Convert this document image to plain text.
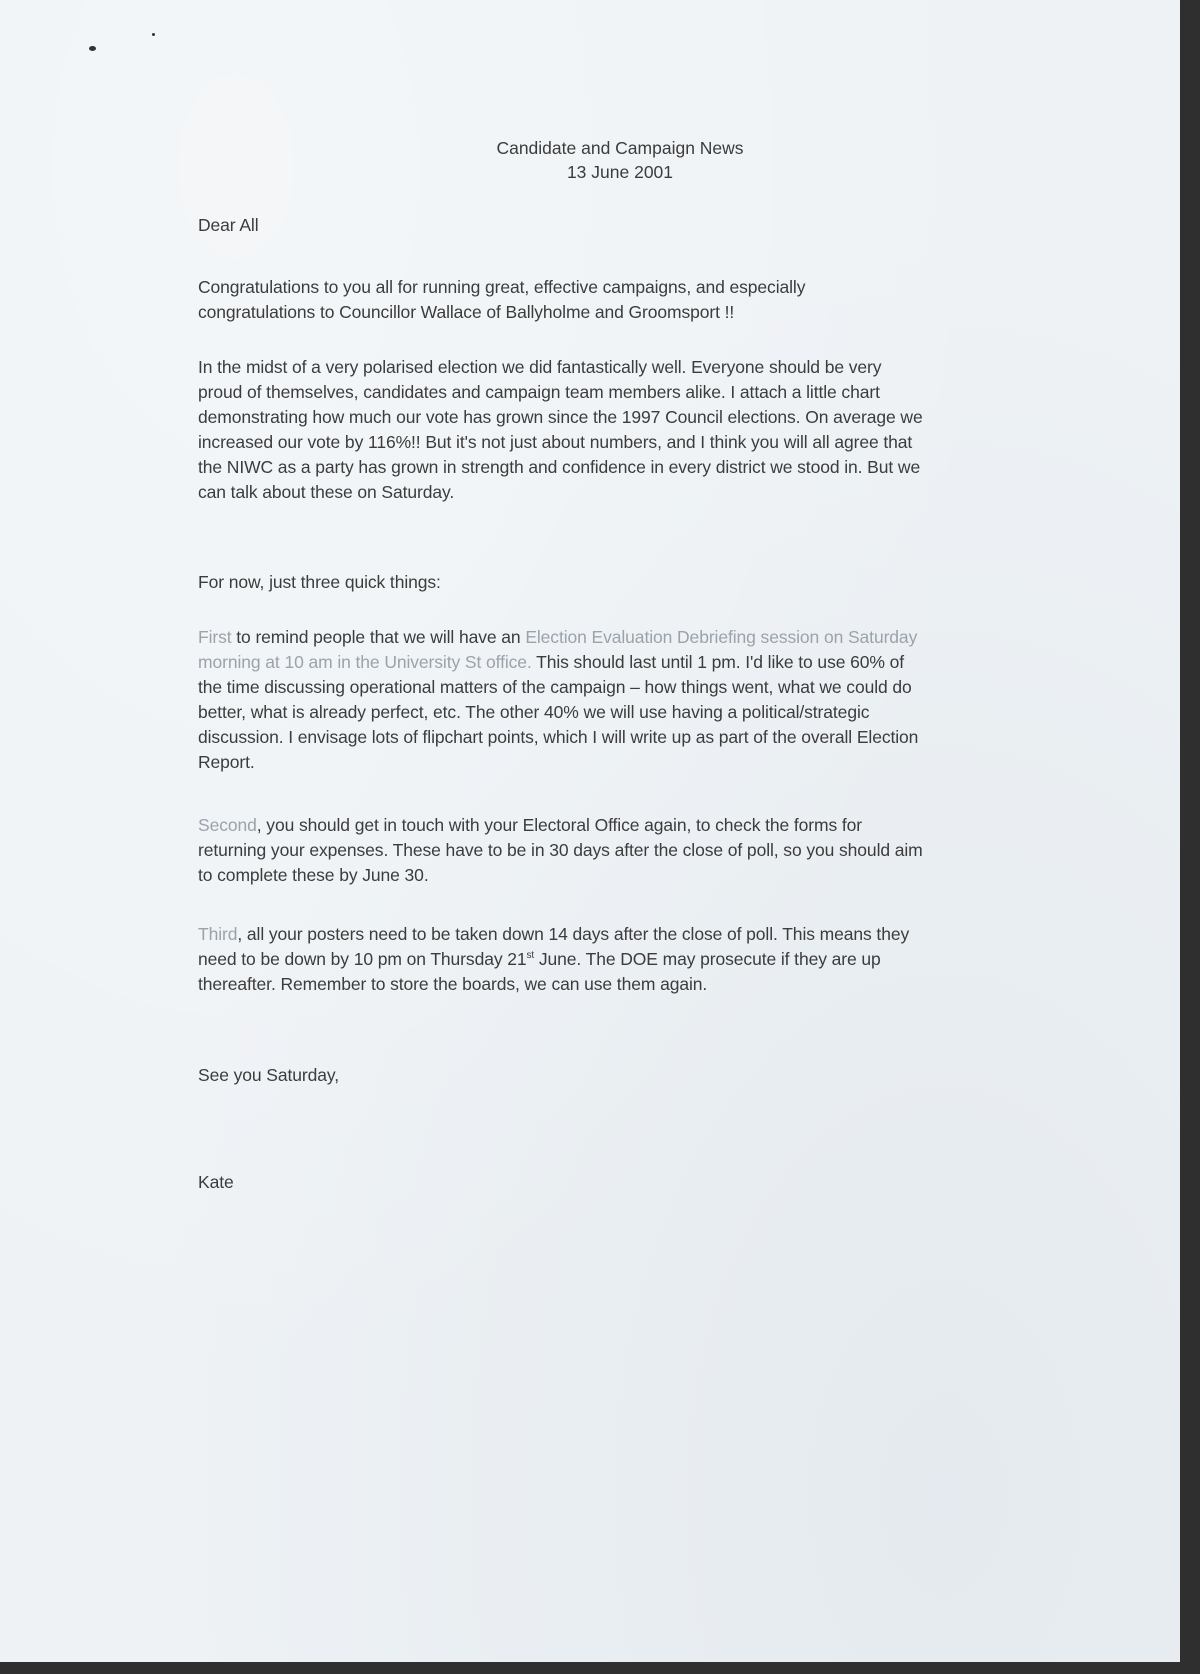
Candidate and Campaign News
13 June 2001
Dear All
Congratulations to you all for running great, effective campaigns, and especially
congratulations to Councillor Wallace of Ballyholme and Groomsport !!
In the midst of a very polarised election we did fantastically well. Everyone should be very
proud of themselves, candidates and campaign team members alike. I attach a little chart
demonstrating how much our vote has grown since the 1997 Council elections. On average we
increased our vote by 116%!! But it's not just about numbers, and I think you will all agree that
the NIWC as a party has grown in strength and confidence in every district we stood in. But we
can talk about these on Saturday.
For now, just three quick things:
First to remind people that we will have an Election Evaluation Debriefing session on Saturday
morning at 10 am in the University St office. This should last until 1 pm. I'd like to use 60% of
the time discussing operational matters of the campaign – how things went, what we could do
better, what is already perfect, etc. The other 40% we will use having a political/strategic
discussion. I envisage lots of flipchart points, which I will write up as part of the overall Election
Report.
Second, you should get in touch with your Electoral Office again, to check the forms for
returning your expenses. These have to be in 30 days after the close of poll, so you should aim
to complete these by June 30.
Third, all your posters need to be taken down 14 days after the close of poll. This means they
need to be down by 10 pm on Thursday 21st June. The DOE may prosecute if they are up
thereafter. Remember to store the boards, we can use them again.
See you Saturday,
Kate
